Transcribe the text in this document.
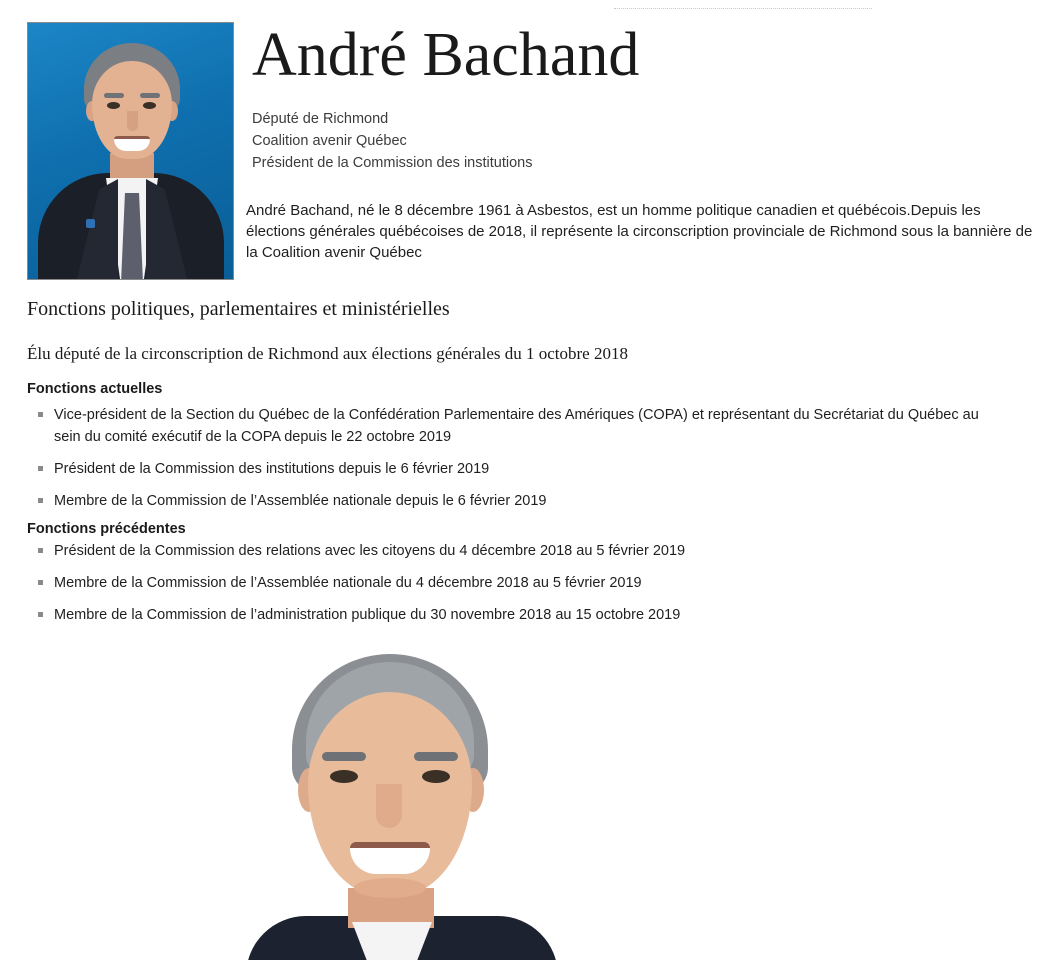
André Bachand
Député de Richmond
Coalition avenir Québec
Président de la Commission des institutions
André Bachand, né le 8 décembre 1961 à Asbestos, est un homme politique canadien et québécois.Depuis les élections générales québécoises de 2018, il représente la circonscription provinciale de Richmond sous la bannière de la Coalition avenir Québec
Fonctions politiques, parlementaires et ministérielles
Élu député de la circonscription de Richmond aux élections générales du 1 octobre 2018
Fonctions actuelles
Vice-président de la Section du Québec de la Confédération Parlementaire des Amériques (COPA) et représentant du Secrétariat du Québec au sein du comité exécutif de la COPA depuis le 22 octobre 2019
Président de la Commission des institutions depuis le 6 février 2019
Membre de la Commission de l’Assemblée nationale depuis le 6 février 2019
Fonctions précédentes
Président de la Commission des relations avec les citoyens du 4 décembre 2018 au 5 février 2019
Membre de la Commission de l’Assemblée nationale du 4 décembre 2018 au 5 février 2019
Membre de la Commission de l’administration publique du 30 novembre 2018 au 15 octobre 2019
